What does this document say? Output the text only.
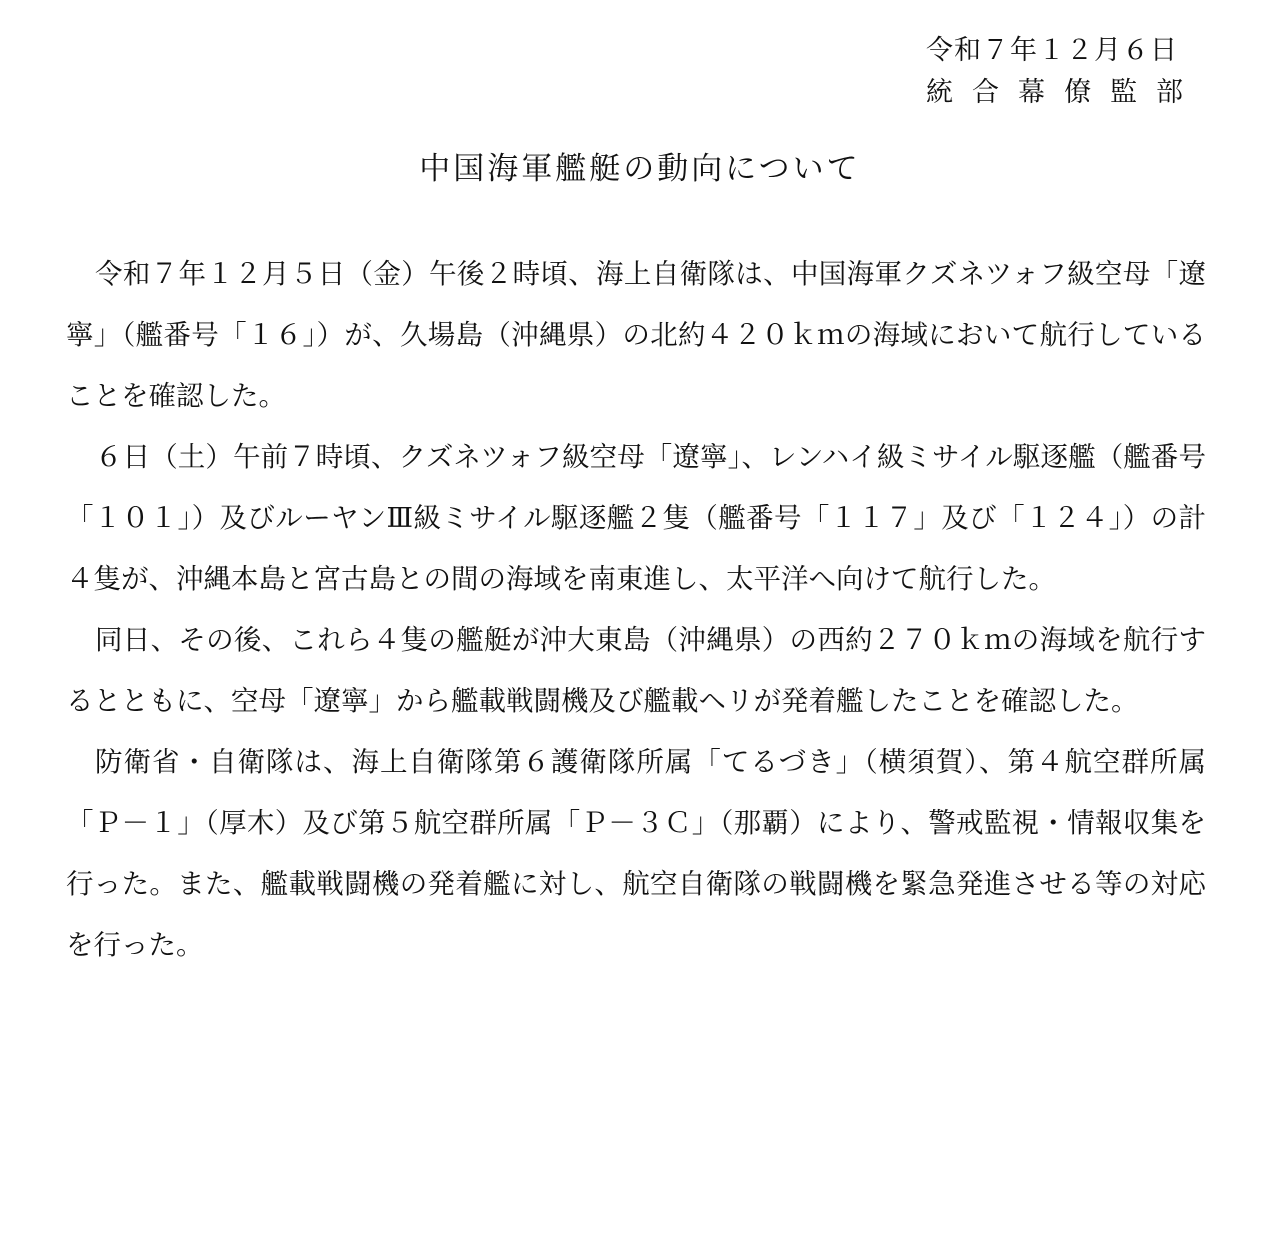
令和７年１２月６日
統合幕僚監部
中国海軍艦艇の動向について

令和７年１２月５日（金）午後２時頃、海上自衛隊は、中国海軍クズネツォフ級空母「遼寧」（艦番号「１６」）が、久場島（沖縄県）の北約４２０ｋｍの海域において航行していることを確認した。

６日（土）午前７時頃、クズネツォフ級空母「遼寧」、レンハイ級ミサイル駆逐艦（艦番号「１０１」）及びルーヤンⅢ級ミサイル駆逐艦２隻（艦番号「１１７」及び「１２４」）の計４隻が、沖縄本島と宮古島との間の海域を南東進し、太平洋へ向けて航行した。

同日、その後、これら４隻の艦艇が沖大東島（沖縄県）の西約２７０ｋｍの海域を航行するとともに、空母「遼寧」から艦載戦闘機及び艦載ヘリが発着艦したことを確認した。

防衛省・自衛隊は、海上自衛隊第６護衛隊所属「てるづき」（横須賀）、第４航空群所属「Ｐ－１」（厚木）及び第５航空群所属「Ｐ－３Ｃ」（那覇）により、警戒監視・情報収集を行った。また、艦載戦闘機の発着艦に対し、航空自衛隊の戦闘機を緊急発進させる等の対応を行った。
